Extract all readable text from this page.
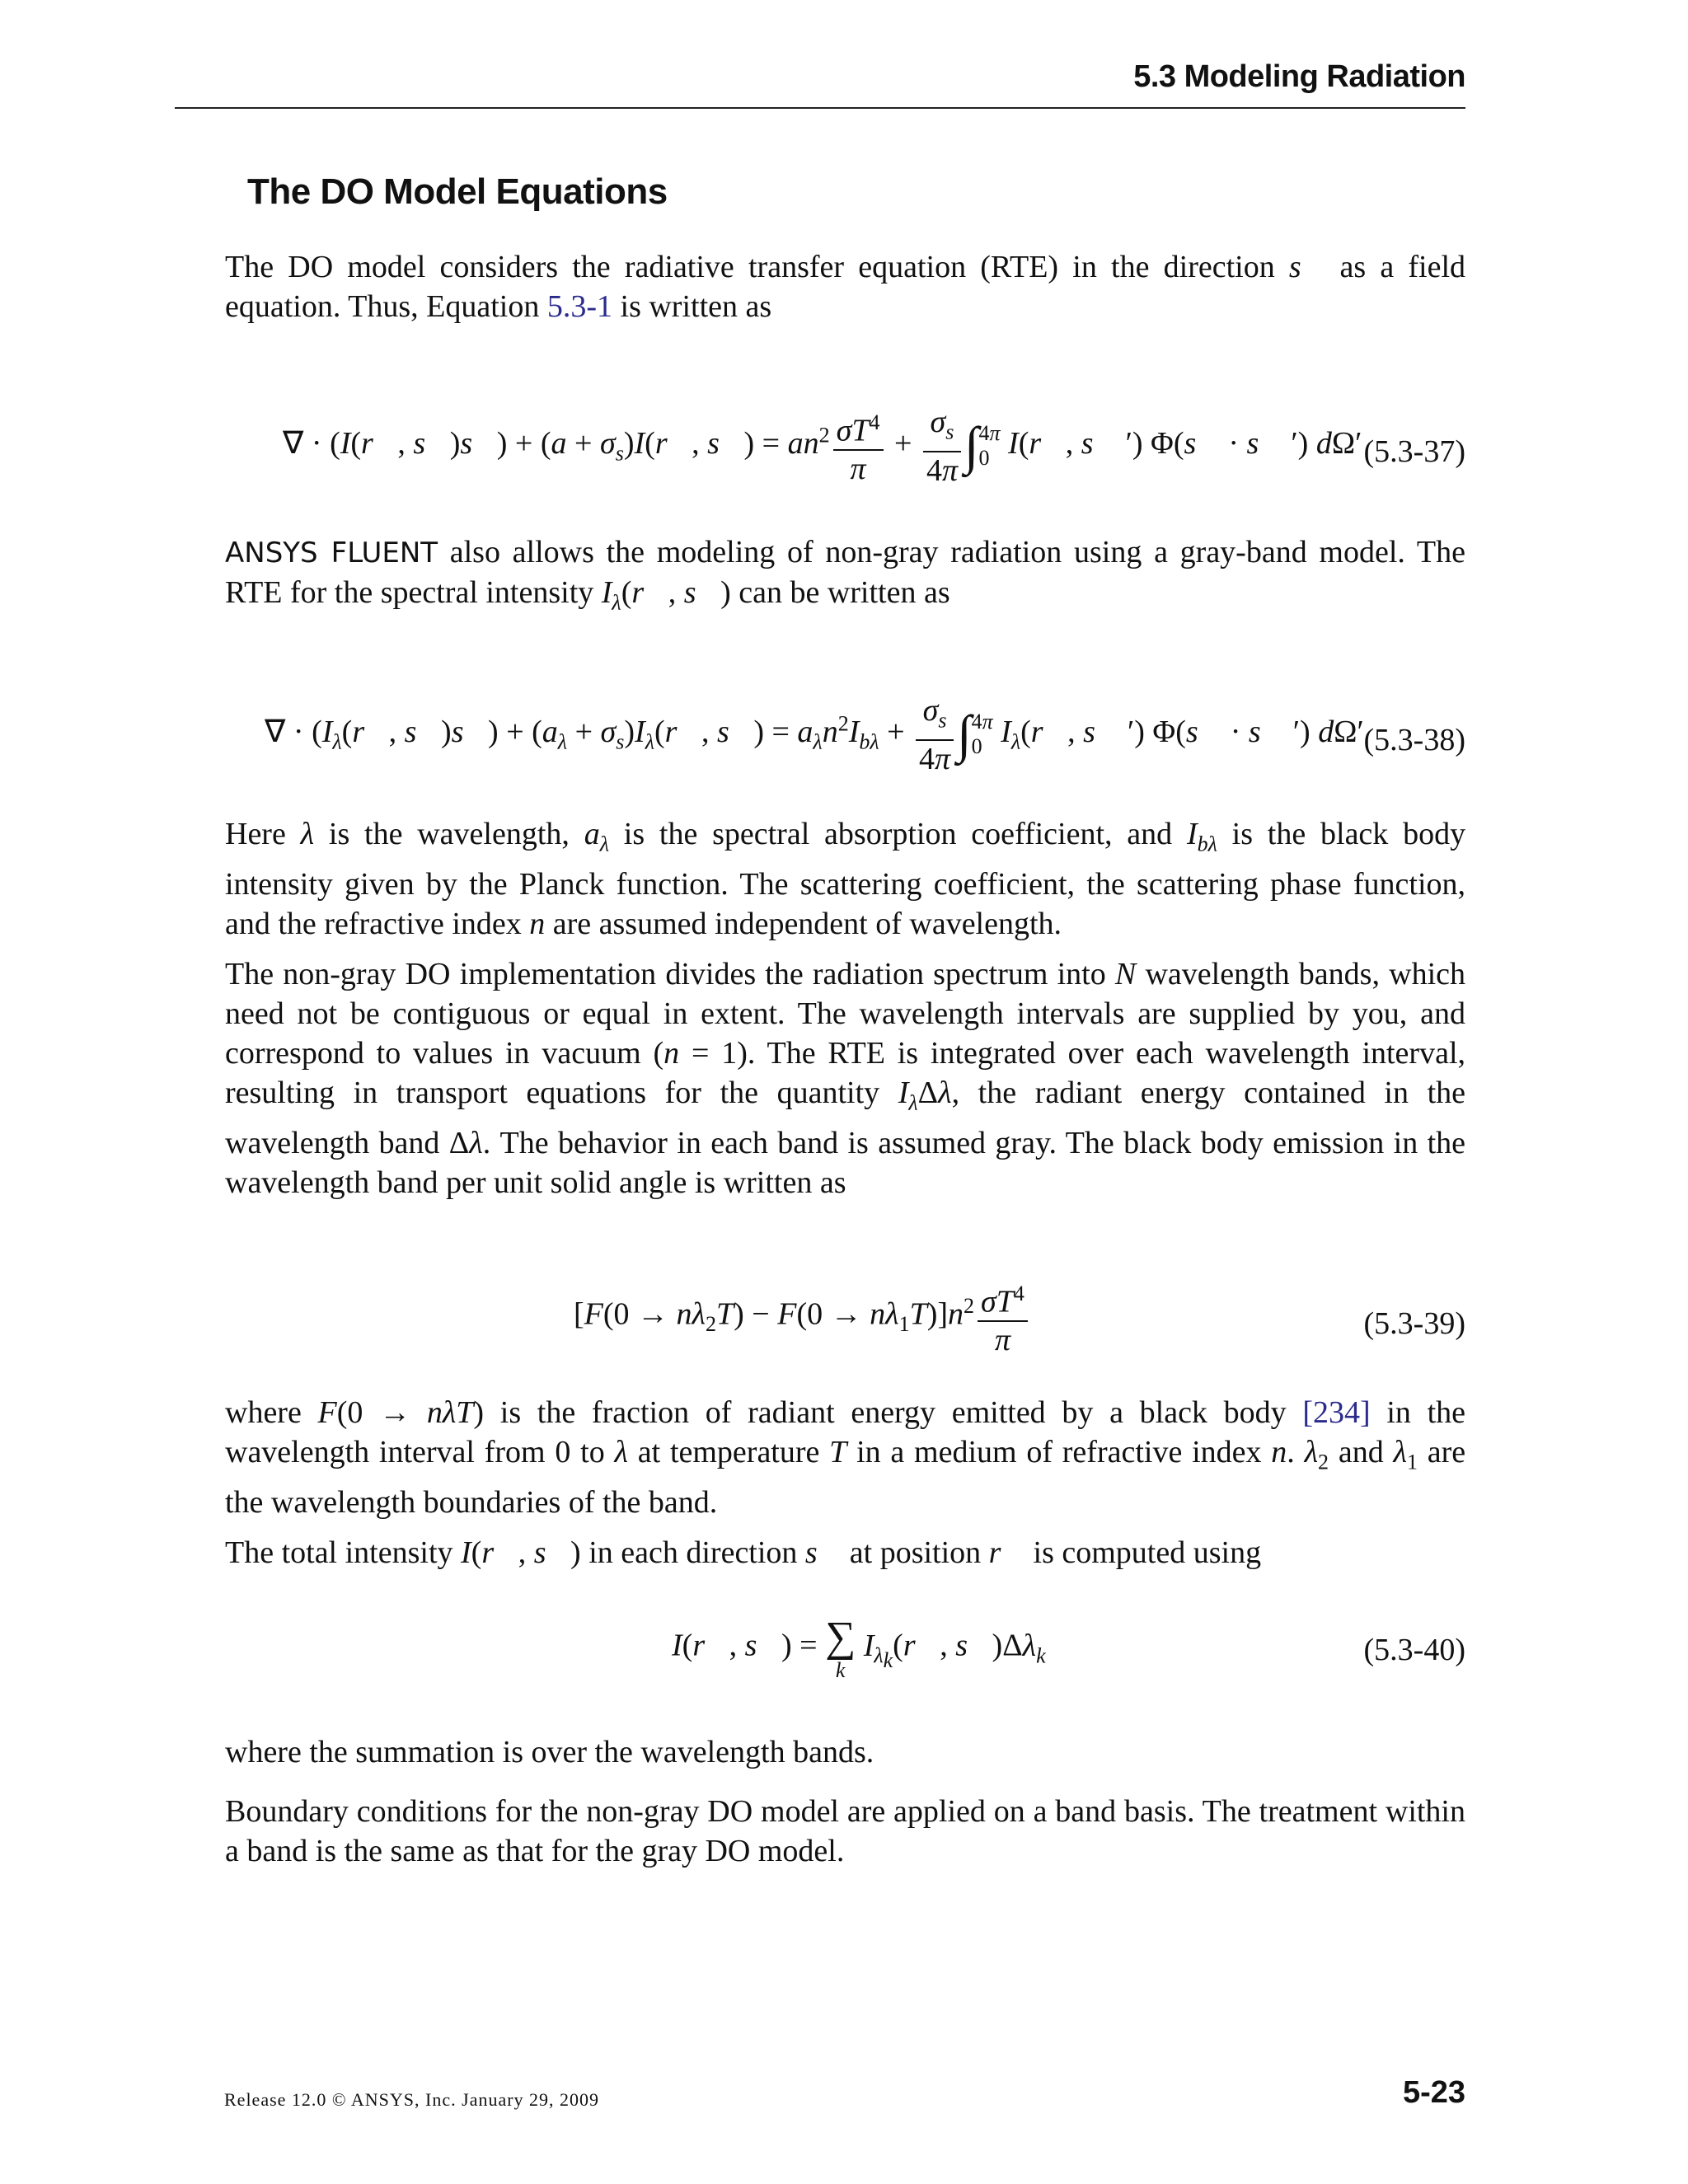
5.3 Modeling Radiation
The DO Model Equations

The DO model considers the radiative transfer equation (RTE) in the direction s⃗ as a field equation. Thus, Equation 5.3-1 is written as

∇ · (I(r⃗, s⃗)s⃗) + $(a + \sigma_s)I(r⃗$, s⃗) = $an^2 \frac{\sigma T^4}{\pi} + \frac{\sigma_s}{4\pi}$ ∫ 4π
0 I(r⃗, s⃗ ′) Φ(s⃗ · s⃗ ′) dΩ′ (5.3-37)

ANSYS FLUENT also allows the modeling of non-gray radiation using a gray-band model. The RTE for the spectral intensity $I_\lambda(r⃗$, s⃗) can be written as

∇ · ($I_\lambda(r⃗$, s⃗)s⃗) + ($a_\lambda$ + $\sigma_s)I_\lambda(r⃗$, s⃗) = $a_\lambda n^2I_{b\lambda} + \frac{\sigma_s}{4\pi}$ ∫ 4π
0 $I_\lambda(r⃗$, s⃗ ′) Φ(s⃗ · s⃗ ′) dΩ′ (5.3-38)

Here λ is the wavelength, $a_\lambda$ is the spectral absorption coefficient, and $I_{b\lambda}$ is the black body intensity given by the Planck function. The scattering coefficient, the scattering phase function, and the refractive index n are assumed independent of wavelength.

The non-gray DO implementation divides the radiation spectrum into N wavelength bands, which need not be contiguous or equal in extent. The wavelength intervals are supplied by you, and correspond to values in vacuum (n = 1). The RTE is integrated over each wavelength interval, resulting in transport equations for the quantity $I_\lambda\Delta\lambda$, the radiant energy contained in the wavelength band Δλ. The behavior in each band is assumed gray. The black body emission in the wavelength band per unit solid angle is written as

$[F(0 \to n\lambda_2T) - F(0 \to n\lambda_1T)]n^2 \frac{\sigma T^4}{\pi}$	(5.3-39)

where F(0 → nλT) is the fraction of radiant energy emitted by a black body [234] in the wavelength interval from 0 to λ at temperature T in a medium of refractive index n. $\lambda_2$ and $\lambda_1$ are the wavelength boundaries of the band.

The total intensity I(r⃗, s⃗) in each direction s⃗ at position r⃗ is computed using

I(r⃗, s⃗) = ∑
k
$I_{\lambda_k}(r⃗$, $s⃗)\Delta\lambda_k$	(5.3-40)

where the summation is over the wavelength bands.

Boundary conditions for the non-gray DO model are applied on a band basis. The treatment within a band is the same as that for the gray DO model.

Release 12.0 © ANSYS, Inc. January 29, 2009	5-23
